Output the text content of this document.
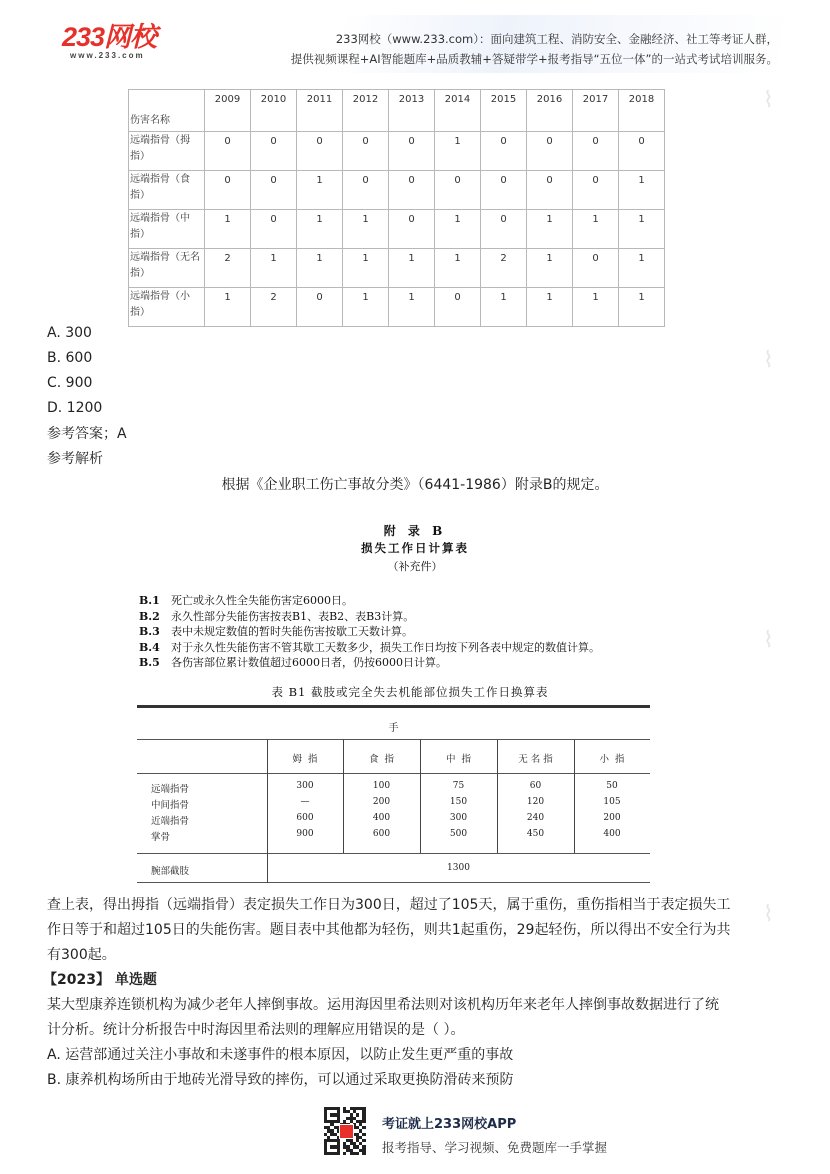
233网校
www.233.com
233网校（www.233.com）：面向建筑工程、消防安全、金融经济、社工等考证人群，
提供视频课程+AI智能题库+品质教辅+答疑带学+报考指导“五位一体”的一站式考试培训服务。
伤害名称	2009	2010	2011	2012	2013	2014	2015	2016	2017	2018

远端指骨（拇
指）	0	0	0	0	0	1	0	0	0	0

远端指骨（食
指）	0	0	1	0	0	0	0	0	0	1

远端指骨（中
指）	1	0	1	1	0	1	0	1	1	1

远端指骨（无名
指）	2	1	1	1	1	1	2	1	0	1

远端指骨（小
指）	1	2	0	1	1	0	1	1	1	1
A. 300
B. 600
C. 900
D. 1200
参考答案；A
参考解析
根据《企业职工伤亡事故分类》（6441-1986）附录B的规定。
附 录 B
损失工作日计算表
（补充件）
B.1 死亡或永久性全失能伤害定6000日。
B.2 永久性部分失能伤害按表B1、表B2、表B3计算。
B.3 表中未规定数值的暂时失能伤害按歇工天数计算。
B.4 对于永久性失能伤害不管其歇工天数多少，损失工作日均按下列各表中规定的数值计算。
B.5 各伤害部位累计数值超过6000日者，仍按6000日计算。
表 B1 截肢或完全失去机能部位损失工作日换算表
手
姆  指	食  指	中  指	无 名 指	小  指
远端指骨	300	100	75	60	50
中间指骨	—	200	150	120	105
近端指骨	600	400	300	240	200
掌骨	900	600	500	450	400
腕部截肢	1300
查上表，得出拇指（远端指骨）表定损失工作日为300日，超过了105天，属于重伤，重伤指相当于表定损失工
作日等于和超过105日的失能伤害。题目表中其他都为轻伤，则共1起重伤，29起轻伤，所以得出不安全行为共
有300起。
【2023】 单选题
某大型康养连锁机构为减少老年人摔倒事故。运用海因里希法则对该机构历年来老年人摔倒事故数据进行了统
计分析。统计分析报告中时海因里希法则的理解应用错误的是（ ）。
A. 运营部通过关注小事故和未遂事件的根本原因，以防止发生更严重的事故
B. 康养机构场所由于地砖光滑导致的摔伤，可以通过采取更换防滑砖来预防
考证就上233网校APP
报考指导、学习视频、免费题库一手掌握
⌇
⌇
⌇
⌇
